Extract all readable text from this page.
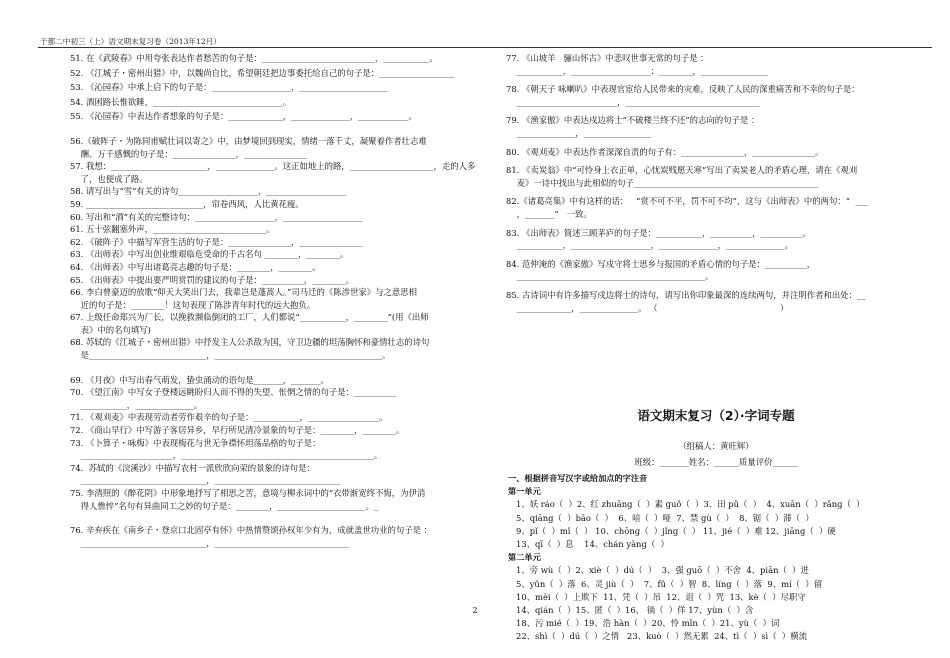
于都二中初三（上）语文期末复习卷（2013年12月）
51. 在《武陵春》中用夸张表达作者愁苦的句子是：___________________________，___________。
52. 《江城子・密州出猎》中，以魏尚自比，希望朝廷把边事委托给自己的句子是：__________________
53. 《沁园春》中承上启下的句子是：___________________，_____________________
54. 酒困路长惟欲睡，_______________________________。
55. 《沁园春》中表达作者想象的句子是：_____________，______________，____________。
56.《破阵子・为陈同甫赋壮词以寄之》中，由梦境回到现实，情绪一落千丈，凝聚着作者壮志难
酬、万千感慨的句子是：_______________，_______________
57. 我想：_______________________，______________。这正如地上的路，____________________，走的人多
了，也便成了路。
58. 请写出与“雪”有关的诗句___________________，___________________
59. ____________________________，帘卷西风，人比黄花瘦。
60. 写出和“酒”有关的完整诗句：___________________，___________________
61. 五十弦翻塞外声，___________________________。
62. 《破阵子》中描写军营生活的句子是：_______________，_______________
63. 《出师表》中写出创业维艰临危受命的千古名句 ________，________。
64. 《出师表》中写出诸葛亮志趣的句子是：________，________。
65. 《出师表》中提出要严明赏罚的建议的句子是：__________，________。
66. 李白曾豪迈的放歌“仰天大笑出门去，我辈岂是蓬蒿人。”司马迁的《陈涉世家》与之意思相
近的句子是：________！这句表现了陈涉青年时代的远大抱负。
67. 上级任命郑兴为厂长，以挽救濒临倒闭的工厂，人们都说“___________，________”(用《出师
表》中的名句填写)
68. 苏轼的《江城子・密州出猎》中抒发主人公杀敌为国，守卫边疆的坦荡胸怀和豪情壮志的诗句
是____________________________，________________________________________。
69. 《月夜》中写出春气萌发，蛰虫涌动的语句是_______，_______。
70. 《望江南》中写女子登楼远眺盼归人而不得的失望、怅惘之情的句子是：__________
___________，______________。
71. 《观刈麦》中表现劳动者劳作艰辛的句子是：___________，_________________。
72. 《商山早行》中写游子客居异乡，早行所见清冷景象的句子是：________，________。
73. 《卜算子・咏梅》中表现梅花与世无争襟怀坦荡品格的句子是：
______________________，______________________________________________。
74.  苏轼的《浣溪沙》中描写农村一派欣欣向荣的景象的诗句是：
______________________________，______________________________
75. 李清照的《醉花阴》中形象地抒写了相思之苦，意境与柳永词中的“衣带渐宽终不悔，为伊消
得人憔悴”名句有异曲同工之妙的句子是：________，_____________________。_
76. 辛弃疾在《南乡子・登京口北固亭有怀》中热情赞颂孙权年少有为，成就盖世功业的句子是 ：
______________________________，________________________________
77. 《山坡羊   骊山怀古》中悲叹世事无常的句子是 ：
___________，___________________；________，________________
78. 《朝天子 咏喇叭》中表现官宦给人民带来的灾难，反映了人民的深重痛苦和不幸的句子是：
________________________，________________________________
79. 《渔家傲》中表达戍边将士“不破楼兰终不还”的志向的句子是 ：
______________，________________
80. 《观刈麦》中表达作者深深自责的句子有：_______________，_______________。
81. 《卖炭翁》中“可怜身上衣正单，心忧炭贱愿天寒”写出了卖炭老人的矛盾心理，请在《观刈
麦》一诗中找出与此相似的句子____________________________________________
82.《诸葛亮集》中有这样的话：   “赏不可不平，罚不可不均”，这与《出师表》中的两句：“  ___
，_______”   一致。
83. 《出师表》简述三顾茅庐的句子是：___________，__________，__________。
___________，___________________，______________，______________。
84. 范仲淹的《渔家傲》写戍守将士思乡与报国的矛盾心情的句子是：__________，
_____________________________________________。
85. 古诗词中有许多描写戍边将士的诗句，请写出你印象最深的连续两句，并注明作者和出处：__
_____________，______________。 （                                              ）
语文期末复习（2）·字词专题
（组稿人：黄旺辉）
班级：_______姓名：______质量评价______
一、根据拼音写汉字或给加点的字注音
第一单元
1、妖 ráo（  ）2、红 zhuāng（  ）素 guǒ（  ）3、田 pǔ（  ）  4、xuān（  ）rǎng（  ）
5、qiāng（  ）bāo（  ）  6、喑（  ）哑  7、禁 gù（  ）  8、锯（  ）滞（  ）
9、pǐ（  ）mǐ（  ） 10、chōng（  ）jǐng（  ） 11、jié（  ）难 12、jiāng（  ）硬
13、qī（  ）息    14、chán yàng（  ）
第二单元
1、旁 wù（  ）2、xiè（  ）dú（  ）  3、强 guō（  ）不舍  4、piān（  ）进
5、yǔn（  ）落  6、灵 jiù（  ）  7、fǔ（  ）智  8、líng（  ）落  9、mí（  ）留
10、mèi（  ）上欺下  11、凭（  ）吊  12、诅（  ）咒  13、kè（  ）尽职守
14、qián（  ）15、匿（  ）16、 徜（  ）佯 17、yùn（  ）含
18、污 mié（  ）19、浩 hàn（  ）20、怜 mǐn（  ）21、yù（  ）词
22、shì（  ）dú（  ）之情   23、kuò（  ）然无累  24、tì（  ）sì（  ）横流
2
